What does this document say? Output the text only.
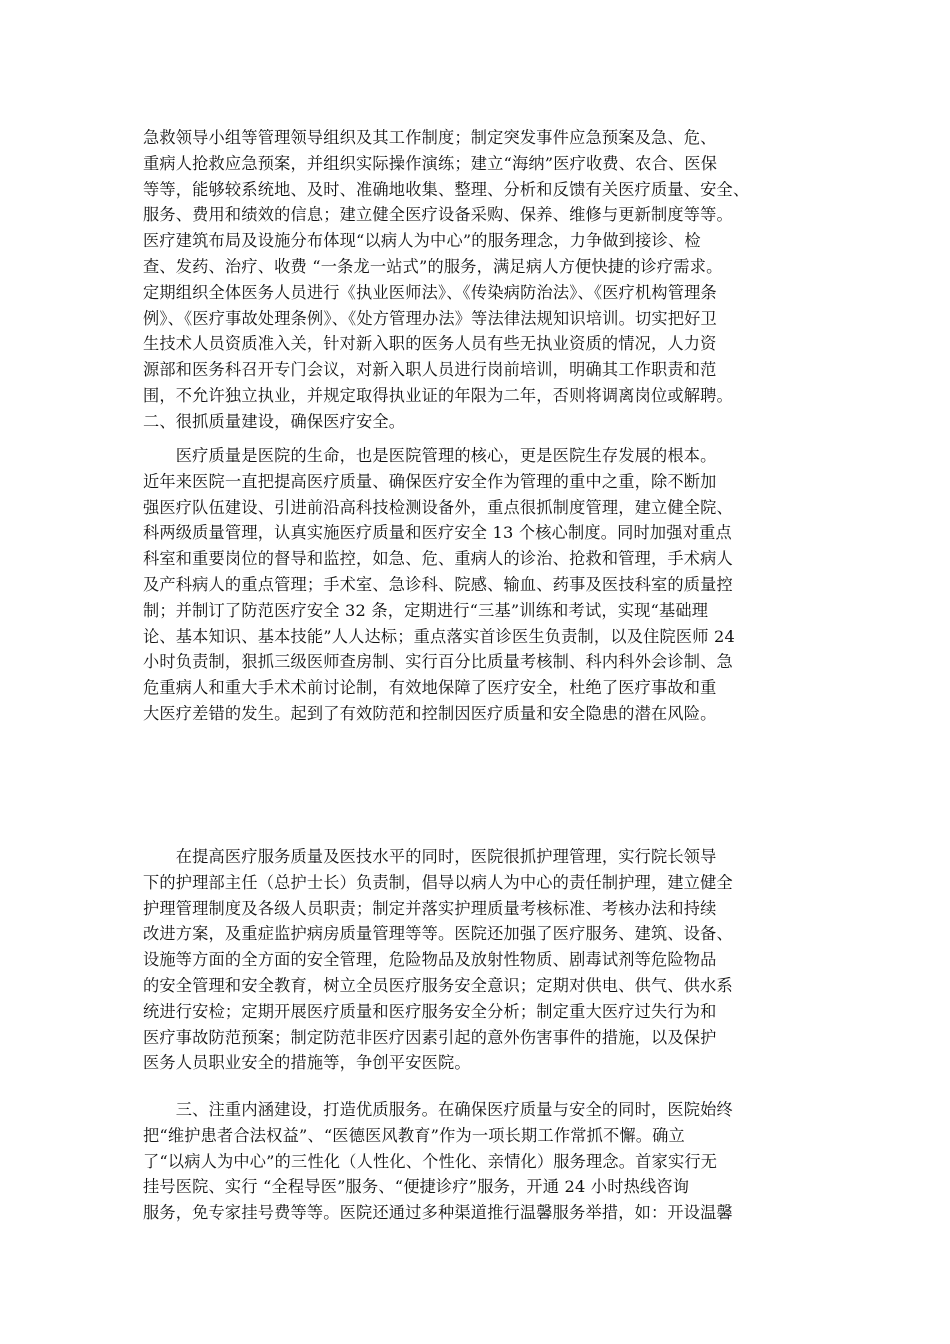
急救领导小组等管理领导组织及其工作制度；制定突发事件应急预案及急、危、

重病人抢救应急预案，并组织实际操作演练；建立“海纳”医疗收费、农合、医保

等等，能够较系统地、及时、准确地收集、整理、分析和反馈有关医疗质量、安全、

服务、费用和绩效的信息；建立健全医疗设备采购、保养、维修与更新制度等等。

医疗建筑布局及设施分布体现“以病人为中心”的服务理念，力争做到接诊、检

查、发药、治疗、收费 “一条龙一站式”的服务，满足病人方便快捷的诊疗需求。

定期组织全体医务人员进行《执业医师法》、《传染病防治法》、《医疗机构管理条

例》、《医疗事故处理条例》、《处方管理办法》等法律法规知识培训。切实把好卫

生技术人员资质准入关，针对新入职的医务人员有些无执业资质的情况，人力资

源部和医务科召开专门会议，对新入职人员进行岗前培训，明确其工作职责和范

围，不允许独立执业，并规定取得执业证的年限为二年，否则将调离岗位或解聘。

二、很抓质量建设，确保医疗安全。

　　医疗质量是医院的生命，也是医院管理的核心，更是医院生存发展的根本。

近年来医院一直把提高医疗质量、确保医疗安全作为管理的重中之重，除不断加

强医疗队伍建设、引进前沿高科技检测设备外，重点很抓制度管理，建立健全院、

科两级质量管理，认真实施医疗质量和医疗安全 13 个核心制度。同时加强对重点

科室和重要岗位的督导和监控，如急、危、重病人的诊治、抢救和管理，手术病人

及产科病人的重点管理；手术室、急诊科、院感、输血、药事及医技科室的质量控

制；并制订了防范医疗安全 32 条，定期进行“三基”训练和考试，实现“基础理

论、基本知识、基本技能”人人达标；重点落实首诊医生负责制，以及住院医师 24

小时负责制，狠抓三级医师查房制、实行百分比质量考核制、科内科外会诊制、急

危重病人和重大手术术前讨论制，有效地保障了医疗安全，杜绝了医疗事故和重

大医疗差错的发生。起到了有效防范和控制因医疗质量和安全隐患的潜在风险。

　　在提高医疗服务质量及医技水平的同时，医院很抓护理管理，实行院长领导

下的护理部主任（总护士长）负责制，倡导以病人为中心的责任制护理，建立健全

护理管理制度及各级人员职责；制定并落实护理质量考核标准、考核办法和持续

改进方案，及重症监护病房质量管理等等。医院还加强了医疗服务、建筑、设备、

设施等方面的全方面的安全管理，危险物品及放射性物质、剧毒试剂等危险物品

的安全管理和安全教育，树立全员医疗服务安全意识；定期对供电、供气、供水系

统进行安检；定期开展医疗质量和医疗服务安全分析；制定重大医疗过失行为和

医疗事故防范预案；制定防范非医疗因素引起的意外伤害事件的措施，以及保护

医务人员职业安全的措施等，争创平安医院。

　　三、注重内涵建设，打造优质服务。在确保医疗质量与安全的同时，医院始终

把“维护患者合法权益”、“医德医风教育”作为一项长期工作常抓不懈。确立

了“以病人为中心”的三性化（人性化、个性化、亲情化）服务理念。首家实行无

挂号医院、实行 “全程导医”服务、“便捷诊疗”服务，开通 24 小时热线咨询

服务，免专家挂号费等等。医院还通过多种渠道推行温馨服务举措，如：开设温馨
